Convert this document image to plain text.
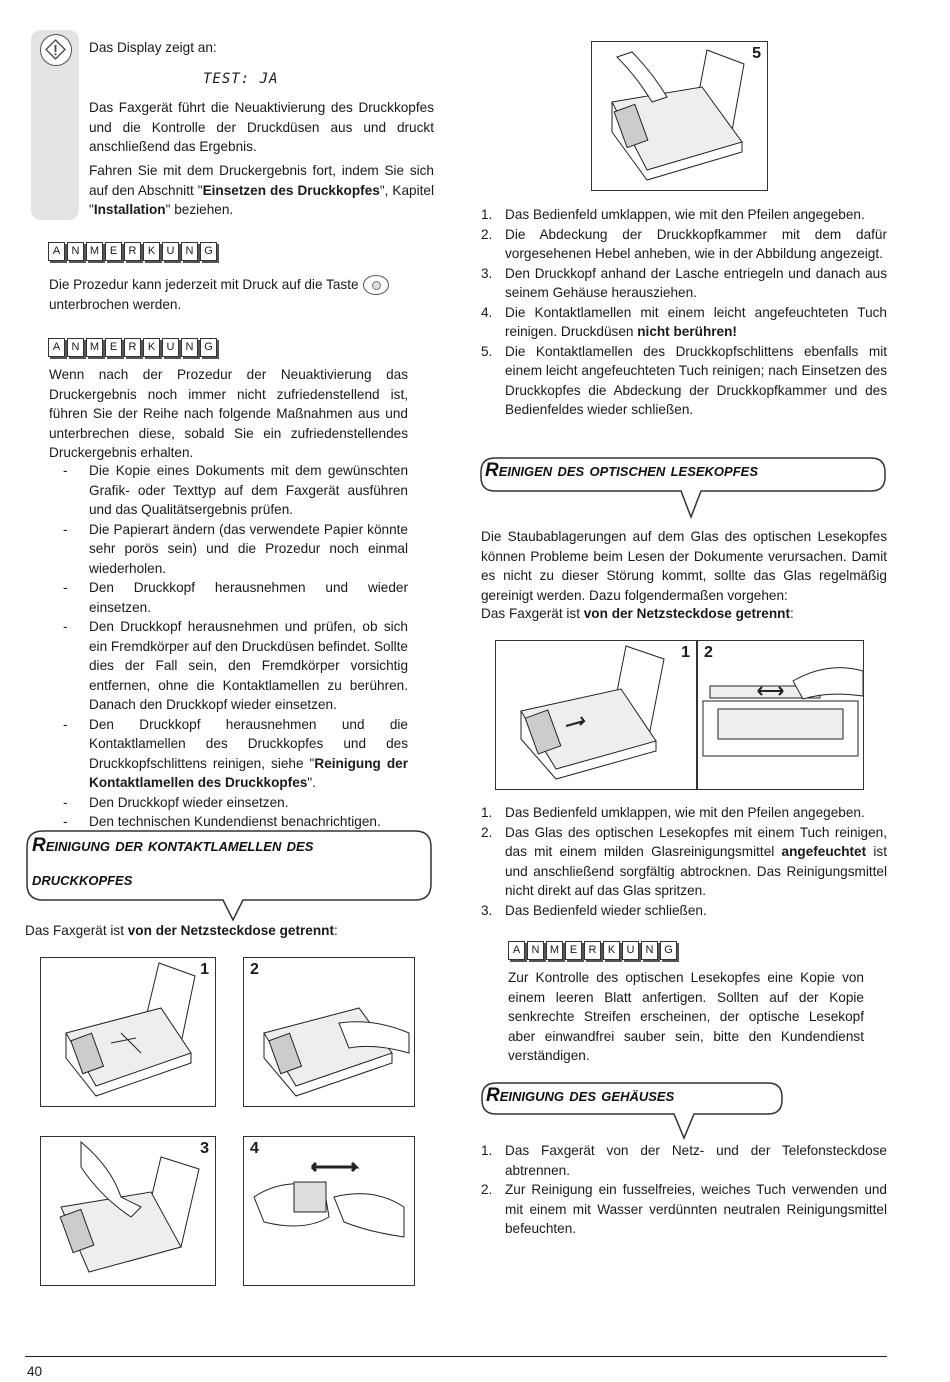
Das Display zeigt an:

TEST: JA

Das Faxgerät führt die Neuaktivierung des Druckkopfes und die Kontrolle der Druckdüsen aus und druckt anschließend das Ergebnis.

Fahren Sie mit dem Druckergebnis fort, indem Sie sich auf den Abschnitt "Einsetzen des Druckkopfes", Kapitel "Installation" beziehen.

A	N M E	R	K	U	N G

Die Prozedur kann jederzeit mit Druck auf die Taste
unterbrochen werden.

A	N M E	R	K	U	N G

Wenn nach der Prozedur der Neuaktivierung das Druckergebnis noch immer nicht zufriedenstellend ist, führen Sie der Reihe nach folgende Maßnahmen aus und unterbrechen diese, sobald Sie ein zufriedenstellendes Druckergebnis erhalten.

- Die Kopie eines Dokuments mit dem gewünschten Grafik- oder Texttyp auf dem Faxgerät ausführen und das Qualitätsergebnis prüfen.
- Die Papierart ändern (das verwendete Papier könnte sehr porös sein) und die Prozedur noch einmal wiederholen.
- Den Druckkopf herausnehmen und wieder einsetzen.
- Den Druckkopf herausnehmen und prüfen, ob sich ein Fremdkörper auf den Druckdüsen befindet. Sollte dies der Fall sein, den Fremdkörper vorsichtig entfernen, ohne die Kontaktlamellen zu berühren. Danach den Druckkopf wieder einsetzen.
- Den Druckkopf herausnehmen und die Kontaktlamellen des Druckkopfes und des Druckkopfschlittens reinigen, siehe "Reinigung der Kontaktlamellen des Druckkopfes".
- Den Druckkopf wieder einsetzen.
- Den technischen Kundendienst benachrichtigen.
Reinigung der kontaktlamellen des
druckkopfes

Das Faxgerät ist von der Netzsteckdose getrennt:

1	2
3	4
5
1. Das Bedienfeld umklappen, wie mit den Pfeilen angegeben.
2. Die Abdeckung der Druckkopfkammer mit dem dafür vorgesehenen Hebel anheben, wie in der Abbildung angezeigt.
3. Den Druckkopf anhand der Lasche entriegeln und danach aus seinem Gehäuse herausziehen.
4. Die Kontaktlamellen mit einem leicht angefeuchteten Tuch reinigen. Druckdüsen nicht berühren!
5. Die Kontaktlamellen des Druckkopfschlittens ebenfalls mit einem leicht angefeuchteten Tuch reinigen; nach Einsetzen des Druckkopfes die Abdeckung der Druckkopfkammer und des Bedienfeldes wieder schließen.
Reinigen des optischen lesekopfes

Die Staubablagerungen auf dem Glas des optischen Lesekopfes können Probleme beim Lesen der Dokumente verursachen. Damit es nicht zu dieser Störung kommt, sollte das Glas regelmäßig gereinigt werden. Dazu folgendermaßen vorgehen:

Das Faxgerät ist von der Netzsteckdose getrennt:

1 2
1. Das Bedienfeld umklappen, wie mit den Pfeilen angegeben.
2. Das Glas des optischen Lesekopfes mit einem Tuch reinigen, das mit einem milden Glasreinigungsmittel angefeuchtet ist und anschließend sorgfältig abtrocknen. Das Reinigungsmittel nicht direkt auf das Glas spritzen.
3. Das Bedienfeld wieder schließen.
A	N M E	R	K	U	N G

Zur Kontrolle des optischen Lesekopfes eine Kopie von einem leeren Blatt anfertigen. Sollten auf der Kopie senkrechte Streifen erscheinen, der optische Lesekopf aber einwandfrei sauber sein, bitte den Kundendienst verständigen.

Reinigung des gehäuses
1. Das Faxgerät von der Netz- und der Telefonsteckdose abtrennen.
2. Zur Reinigung ein fusselfreies, weiches Tuch verwenden und mit einem mit Wasser verdünnten neutralen Reinigungsmittel befeuchten.

40
